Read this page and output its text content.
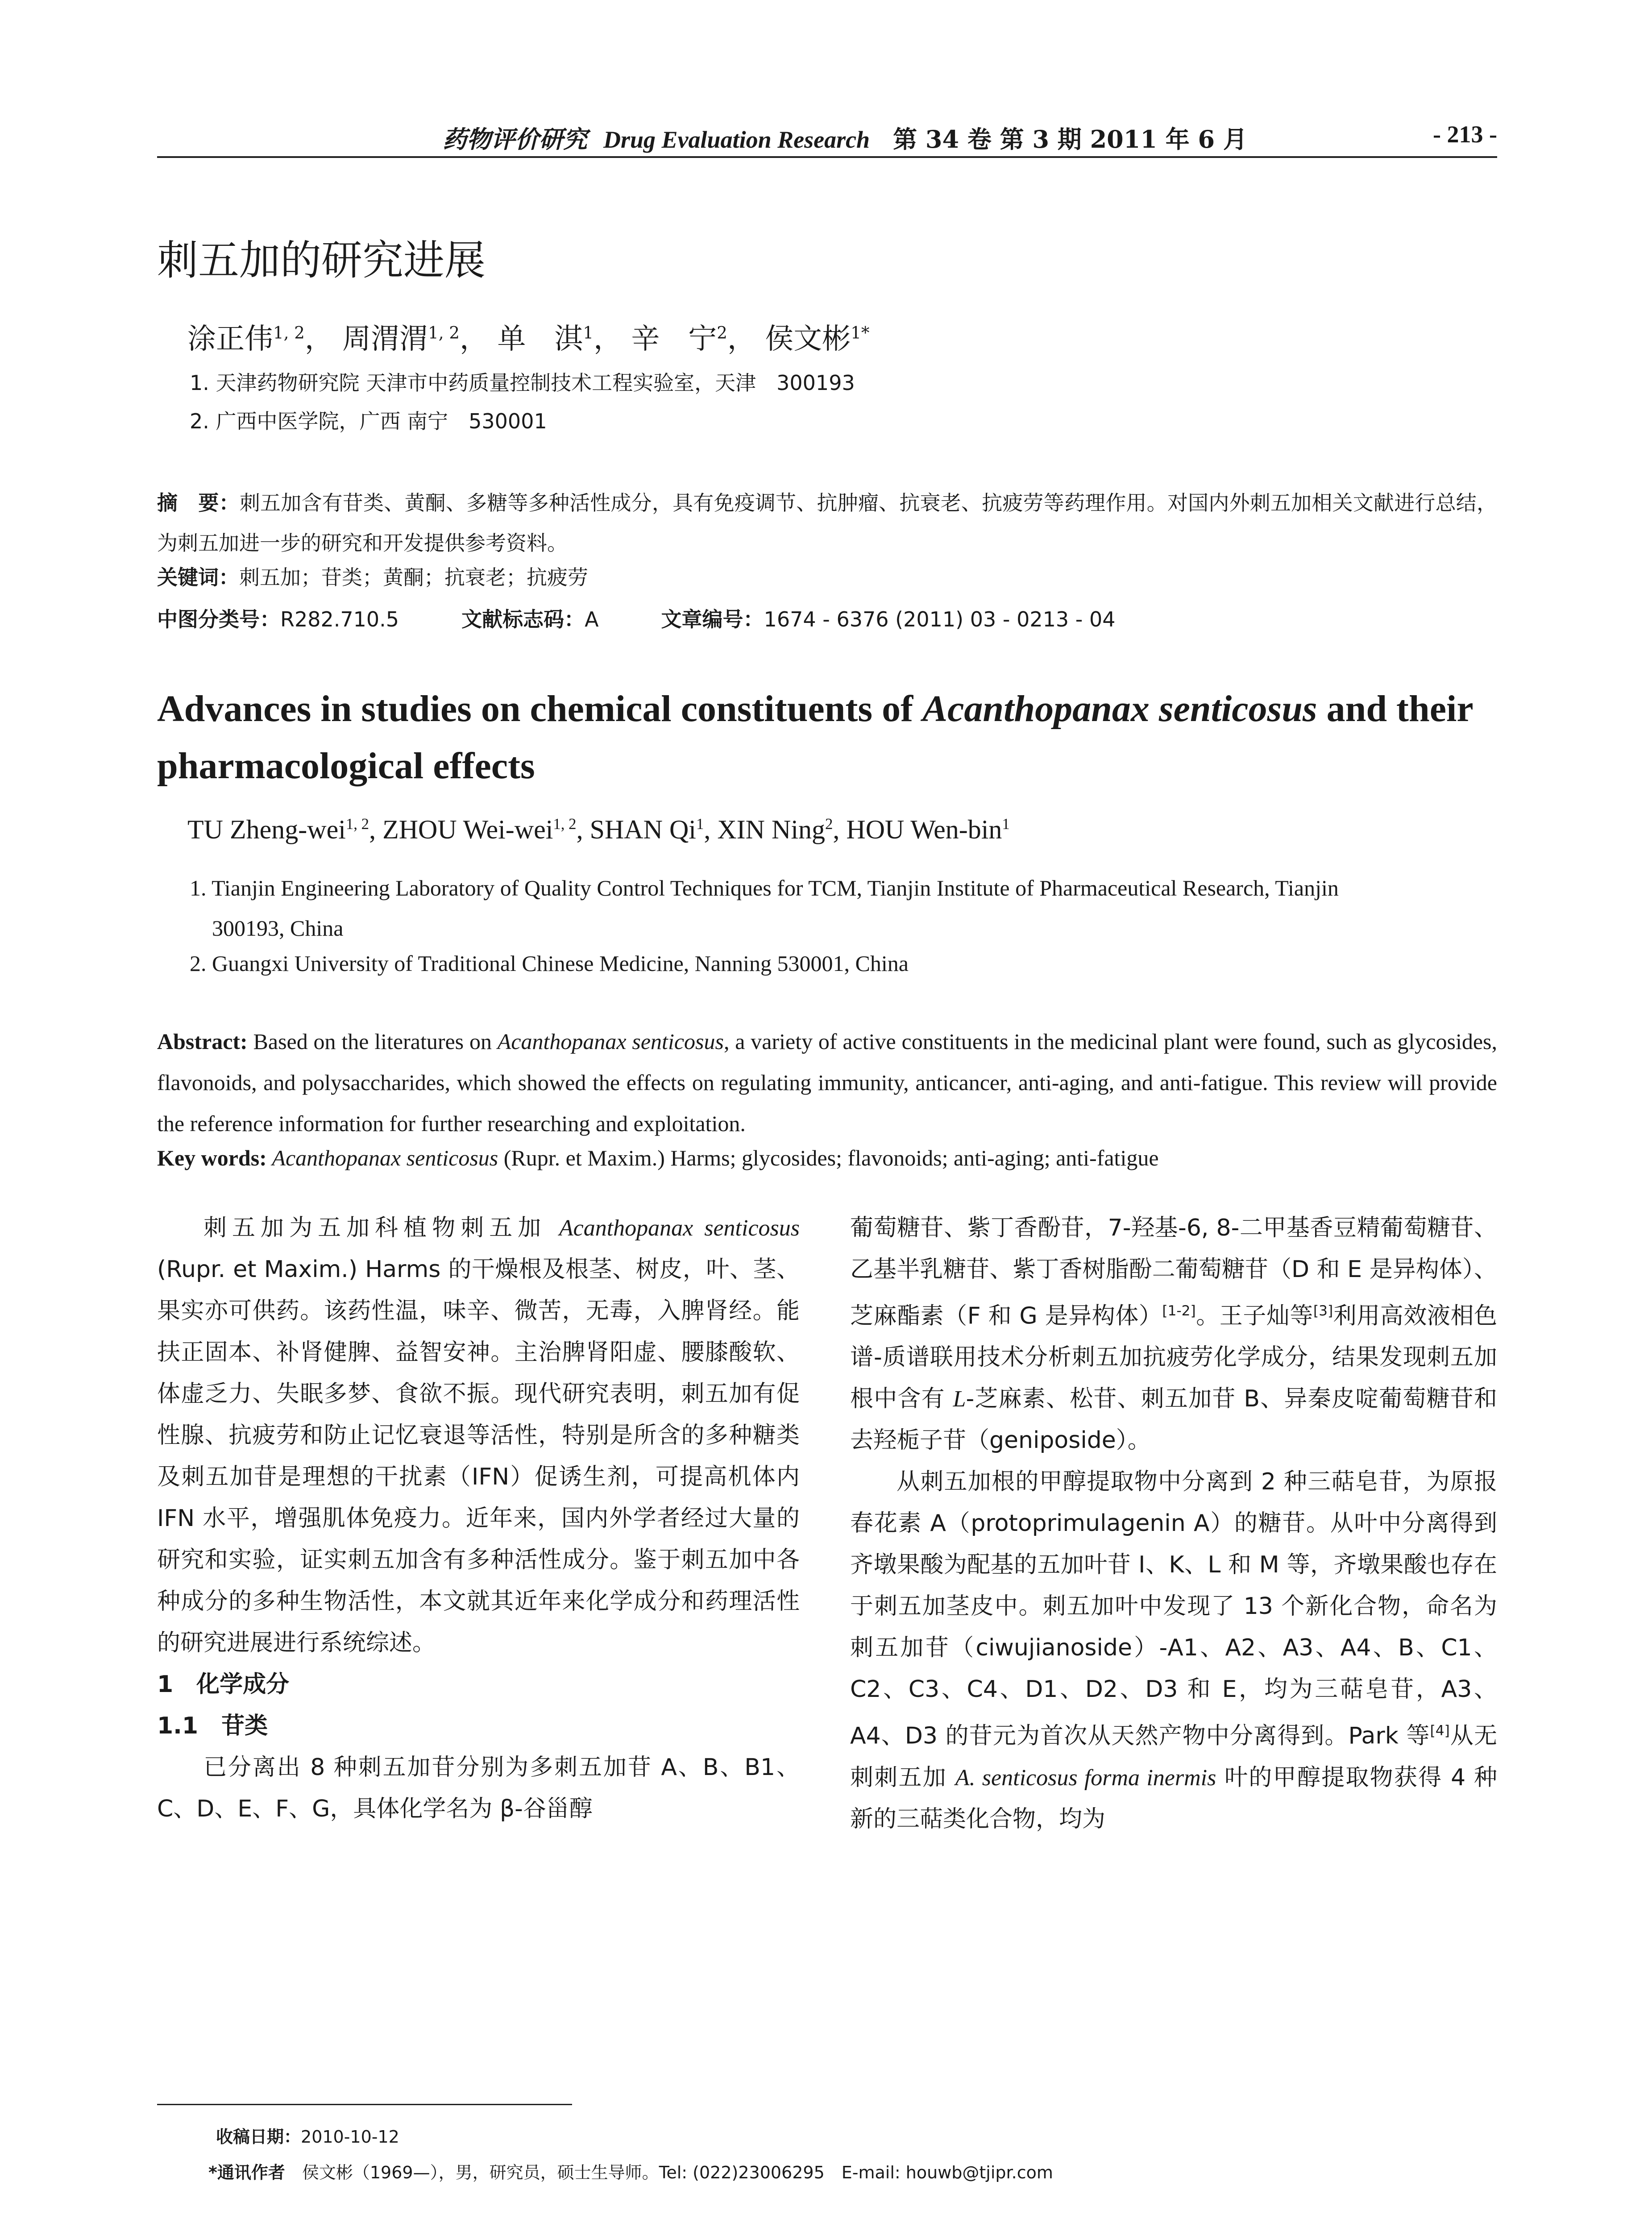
药物评价研究 Drug Evaluation Research 第 34 卷 第 3 期 2011 年 6 月	- 213 -
刺五加的研究进展
涂正伟$^{1, 2}$， 周渭渭$^{1, 2}$， 单　淇$^1$， 辛　宁$^2$， 侯文彬$^{1*}$
1. 天津药物研究院 天津市中药质量控制技术工程实验室，天津　300193
2. 广西中医学院，广西 南宁　530001
摘　要：刺五加含有苷类、黄酮、多糖等多种活性成分，具有免疫调节、抗肿瘤、抗衰老、抗疲劳等药理作用。对国内外刺五加相关文献进行总结，为刺五加进一步的研究和开发提供参考资料。
关键词：刺五加；苷类；黄酮；抗衰老；抗疲劳
中图分类号：R282.710.5	文献标志码：A	文章编号：1674 - 6376 (2011) 03 - 0213 - 04
Advances in studies on chemical constituents of Acanthopanax senticosus and their pharmacological effects
TU Zheng-wei$^{1, 2}$, ZHOU Wei-wei$^{1, 2}$, SHAN Qi$^1$, XIN Ning$^2$, HOU Wen-bin$^1$
1. Tianjin Engineering Laboratory of Quality Control Techniques for TCM, Tianjin Institute of Pharmaceutical Research, Tianjin
300193, China
2. Guangxi University of Traditional Chinese Medicine, Nanning 530001, China
Abstract: Based on the literatures on Acanthopanax senticosus, a variety of active constituents in the medicinal plant were found, such as glycosides, flavonoids, and polysaccharides, which showed the effects on regulating immunity, anticancer, anti-aging, and anti-fatigue. This review will provide the reference information for further researching and exploitation.
Key words: Acanthopanax senticosus (Rupr. et Maxim.) Harms; glycosides; flavonoids; anti-aging; anti-fatigue

刺五加为五加科植物刺五加 Acanthopanax senticosus (Rupr. et Maxim.) Harms 的干燥根及根茎、树皮，叶、茎、果实亦可供药。该药性温，味辛、微苦，无毒，入脾肾经。能扶正固本、补肾健脾、益智安神。主治脾肾阳虚、腰膝酸软、体虚乏力、失眠多梦、食欲不振。现代研究表明，刺五加有促性腺、抗疲劳和防止记忆衰退等活性，特别是所含的多种糖类及刺五加苷是理想的干扰素（IFN）促诱生剂，可提高机体内 IFN 水平，增强肌体免疫力。近年来，国内外学者经过大量的研究和实验，证实刺五加含有多种活性成分。鉴于刺五加中各种成分的多种生物活性，本文就其近年来化学成分和药理活性的研究进展进行系统综述。

1　化学成分

1.1　苷类

已分离出 8 种刺五加苷分别为多刺五加苷 A、B、B1、C、D、E、F、G，具体化学名为 β-谷甾醇

葡萄糖苷、紫丁香酚苷，7-羟基-6, 8-二甲基香豆精葡萄糖苷、乙基半乳糖苷、紫丁香树脂酚二葡萄糖苷（D 和 E 是异构体）、芝麻酯素（F 和 G 是异构体）[1-2]。王子灿等[3]利用高效液相色谱-质谱联用技术分析刺五加抗疲劳化学成分，结果发现刺五加根中含有 L-芝麻素、松苷、刺五加苷 B、异秦皮啶葡萄糖苷和去羟栀子苷（geniposide）。

从刺五加根的甲醇提取物中分离到 2 种三萜皂苷，为原报春花素 A（protoprimulagenin A）的糖苷。从叶中分离得到齐墩果酸为配基的五加叶苷 I、K、L 和 M 等，齐墩果酸也存在于刺五加茎皮中。刺五加叶中发现了 13 个新化合物，命名为刺五加苷（ciwujianoside）-A1、A2、A3、A4、B、C1、C2、C3、C4、D1、D2、D3 和 E，均为三萜皂苷，A3、A4、D3 的苷元为首次从天然产物中分离得到。Park 等[4]从无刺刺五加 A. senticosus forma inermis 叶的甲醇提取物获得 4 种新的三萜类化合物，均为

收稿日期：2010-10-12
*通讯作者　侯文彬（1969—），男，研究员，硕士生导师。Tel: (022)23006295　E-mail: houwb@tjipr.com
